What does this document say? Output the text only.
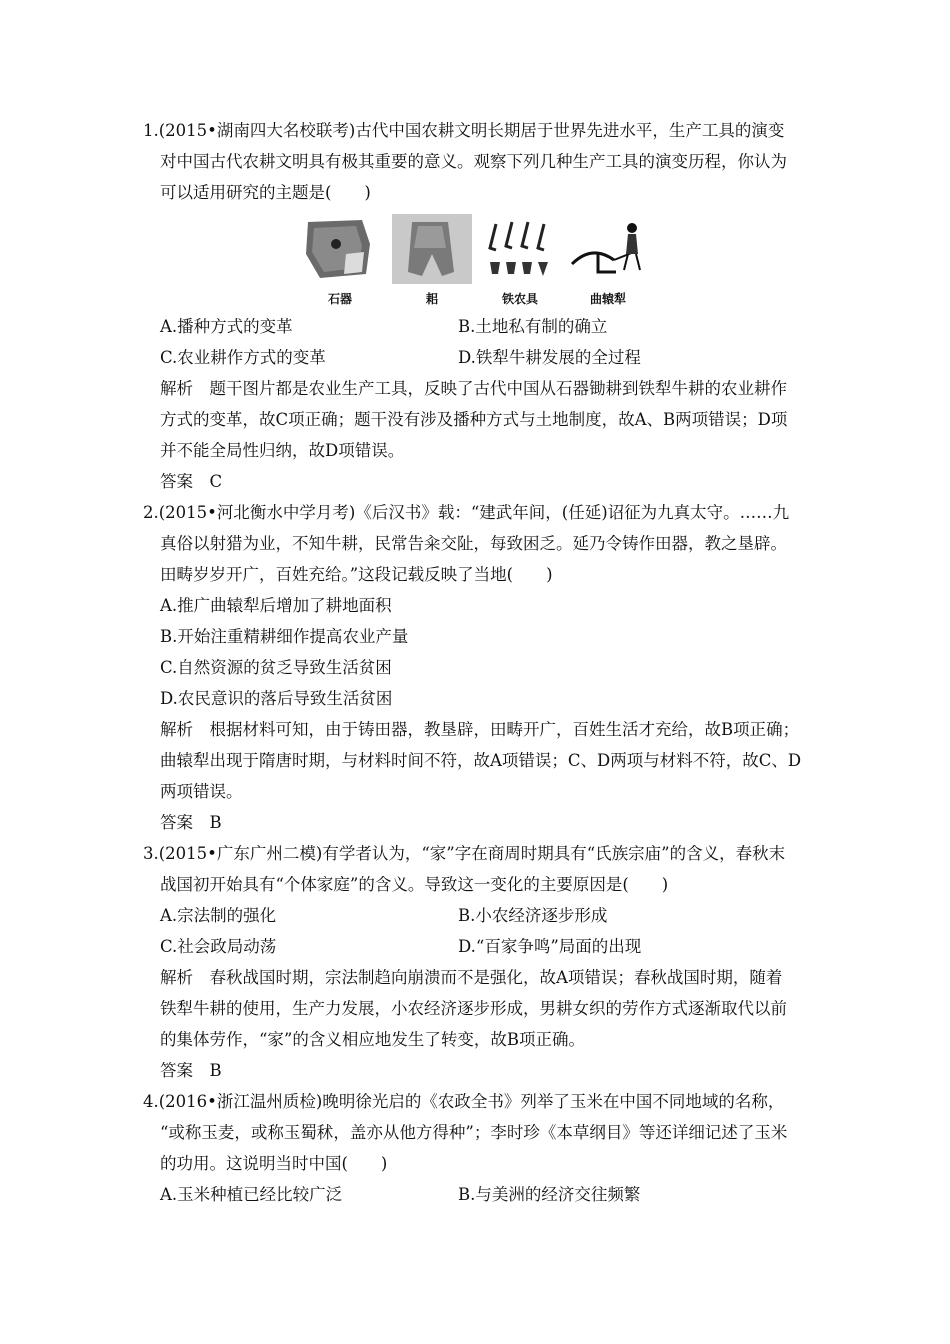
1.(2015•湖南四大名校联考)古代中国农耕文明长期居于世界先进水平，生产工具的演变
对中国古代农耕文明具有极其重要的意义。观察下列几种生产工具的演变历程，你认为
可以适用研究的主题是(　　)
石器	耜	铁农具	曲辕犁
A.播种方式的变革	B.土地私有制的确立
C.农业耕作方式的变革	D.铁犁牛耕发展的全过程
解析　题干图片都是农业生产工具，反映了古代中国从石器锄耕到铁犁牛耕的农业耕作
方式的变革，故C项正确；题干没有涉及播种方式与土地制度，故A、B两项错误；D项
并不能全局性归纳，故D项错误。
答案　C
2.(2015•河北衡水中学月考)《后汉书》载：“建武年间，(任延)诏征为九真太守。……九
真俗以射猎为业，不知牛耕，民常告籴交阯，每致困乏。延乃令铸作田器，教之垦辟。
田畴岁岁开广，百姓充给。”这段记载反映了当地(　　)
A.推广曲辕犁后增加了耕地面积
B.开始注重精耕细作提高农业产量
C.自然资源的贫乏导致生活贫困
D.农民意识的落后导致生活贫困
解析　根据材料可知，由于铸田器，教垦辟，田畴开广，百姓生活才充给，故B项正确；
曲辕犁出现于隋唐时期，与材料时间不符，故A项错误；C、D两项与材料不符，故C、D
两项错误。
答案　B
3.(2015•广东广州二模)有学者认为，“家”字在商周时期具有“氏族宗庙”的含义，春秋末
战国初开始具有“个体家庭”的含义。导致这一变化的主要原因是(　　)
A.宗法制的强化	B.小农经济逐步形成
C.社会政局动荡	D.“百家争鸣”局面的出现
解析　春秋战国时期，宗法制趋向崩溃而不是强化，故A项错误；春秋战国时期，随着
铁犁牛耕的使用，生产力发展，小农经济逐步形成，男耕女织的劳作方式逐渐取代以前
的集体劳作，“家”的含义相应地发生了转变，故B项正确。
答案　B
4.(2016•浙江温州质检)晚明徐光启的《农政全书》列举了玉米在中国不同地域的名称，
“或称玉麦，或称玉蜀秫，盖亦从他方得种”；李时珍《本草纲目》等还详细记述了玉米
的功用。这说明当时中国(　　)
A.玉米种植已经比较广泛	B.与美洲的经济交往频繁
